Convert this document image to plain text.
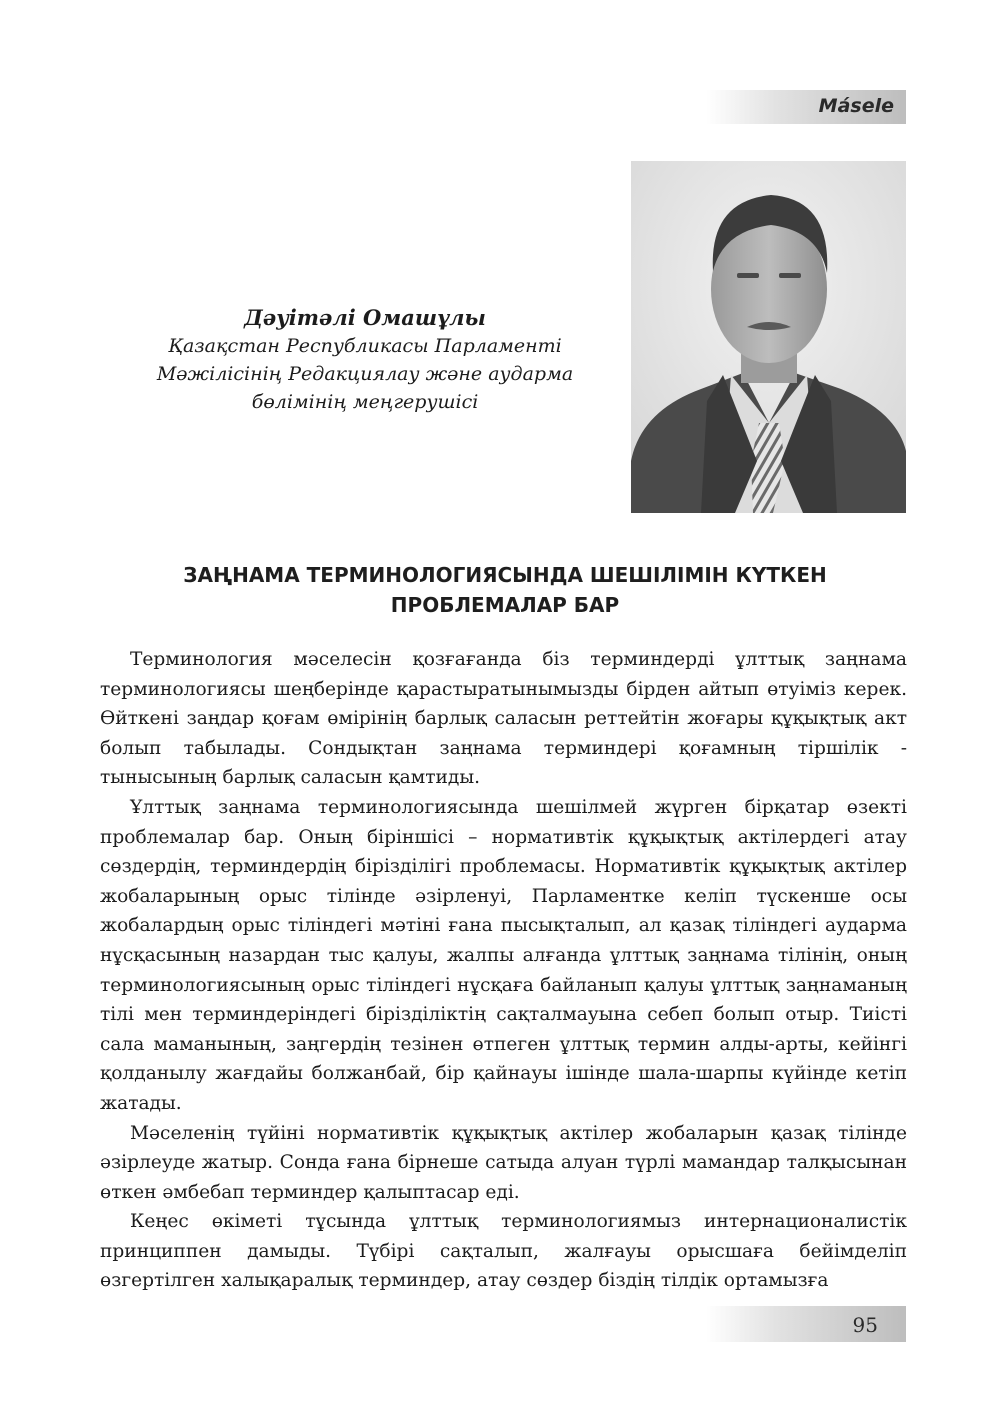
Másele
Дәуітәлі Омашұлы
Қазақстан Республикасы Парламенті
Мәжілісінің Редакциялау және аударма
бөлімінің меңгерушісі
ЗАҢНАМА ТЕРМИНОЛОГИЯСЫНДА ШЕШІЛІМІН КҮТКЕН
ПРОБЛЕМАЛАР БАР

Терминология мәселесін қозғағанда біз терминдерді ұлттық заңнама терминологиясы шеңберінде қарастыратынымызды бірден айтып өтуіміз керек. Өйткені заңдар қоғам өмірінің барлық саласын реттейтін жоғары құқықтық акт болып табылады. Сондықтан заңнама терминдері қоғамның тіршілік - тынысының барлық саласын қамтиды.

Ұлттық заңнама терминологиясында шешілмей жүрген бірқатар өзекті проблемалар бар. Оның біріншісі – нормативтік құқықтық актілердегі атау сөздердің, терминдердің біріздiлігі проблемасы. Нормативтік құқықтық актілер жобаларының орыс тілінде әзірленуі, Парламентке келіп түскенше осы жобалардың орыс тіліндегі мәтіні ғана пысықталып, ал қазақ тіліндегі аударма нұсқасының назардан тыс қалуы, жалпы алғанда ұлттық заңнама тілінің, оның терминологиясының орыс тіліндегі нұсқаға байланып қалуы ұлттық заңнаманың тілі мен терминдеріндегі біріздiліктің сақталмауына себеп болып отыр. Тиісті сала маманының, заңгердің тезінен өтпеген ұлттық термин алды-арты, кейінгі қолданылу жағдайы болжанбай, бір қайнауы ішінде шала-шарпы күйінде кетіп жатады.

Мәселенің түйіні нормативтік құқықтық актілер жобаларын қазақ тілінде әзірлеуде жатыр. Сонда ғана бірнеше сатыда алуан түрлі мамандар талқысынан өткен әмбебап терминдер қалыптасар еді.

Кеңес өкіметі тұсында ұлттық терминологиямыз интернационалистік принциппен дамыды. Түбірі сақталып, жалғауы орысшаға бейімделіп өзгертілген халықаралық терминдер, атау сөздер біздің тілдік ортамызға

95
